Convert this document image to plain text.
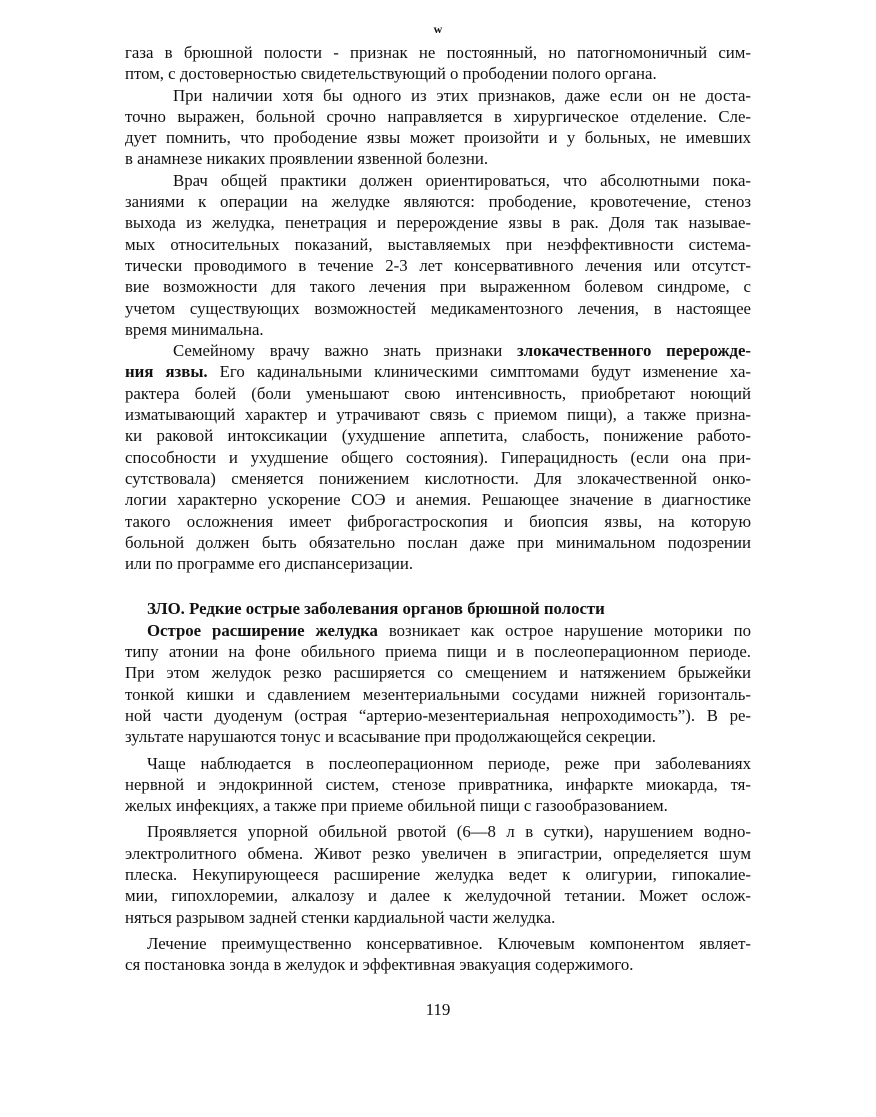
w
газа в брюшной полости - признак не постоянный, но патогномоничный сим-
птом, с достоверностью свидетельствующий о прободении полого органа.
При наличии хотя бы одного из этих признаков, даже если он не доста-
точно выражен, больной срочно направляется в хирургическое отделение. Сле-
дует помнить, что прободение язвы может произойти и у больных, не имевших
в анамнезе никаких проявлении язвенной болезни.
Врач общей практики должен ориентироваться, что абсолютными пока-
заниями к операции на желудке являются: прободение, кровотечение, стеноз
выхода из желудка, пенетрация и перерождение язвы в рак. Доля так называе-
мых относительных показаний, выставляемых при неэффективности системa-
тически проводимого в течение 2-3 лет консервативного лечения или отсутст-
вие возможности для такого лечения при выраженном болевом синдроме, с
учетом существующих возможностей медикаментозного лечения, в настоящее
время минимальна.
Семейному врачу важно знать признаки злокачественного перерожде-
ния язвы. Его кадинальными клиническими симптомами будут изменение ха-
рактера болей (боли уменьшают свою интенсивность, приобретают ноющий
изматывающий характер и утрачивают связь с приемом пищи), а также призна-
ки раковой интоксикации (ухудшение аппетита, слабость, понижение работо-
способности и ухудшение общего состояния). Гиперацидность (если она при-
сутствовала) сменяется понижением кислотности. Для злокачественной онко-
логии характерно ускорение СОЭ и анемия. Решающее значение в диагностике
такого осложнения имеет фиброгастроскопия и биопсия язвы, на которую
больной должен быть обязательно послан даже при минимальном подозрении
или по программе его диспансеризации.
ЗЛО. Редкие острые заболевания органов брюшной полости
Острое расширение желудка возникает как острое нарушение моторики по
типу атонии на фоне обильного приема пищи и в послеоперационном периоде.
При этом желудок резко расширяется со смещением и натяжением брыжейки
тонкой кишки и сдавлением мезентериальными сосудами нижней горизонталь-
ной части дуоденум (острая “артерио-мезентериальная непроходимость”). В ре-
зультате нарушаются тонус и всасывание при продолжающейся секреции.
Чаще наблюдается в послеоперационном периоде, реже при заболеваниях
нервной и эндокринной систем, стенозе привратника, инфаркте миокарда, тя-
желых инфекциях, а также при приеме обильной пищи с газообразованием.
Проявляется упорной обильной рвотой (6—8 л в сутки), нарушением водно-
электролитного обмена. Живот резко увеличен в эпигастрии, определяется шум
плеска. Некупирующееся расширение желудка ведет к олигурии, гипокалие-
мии, гипохлоремии, алкалозу и далее к желудочной тетании. Может ослож-
няться разрывом задней стенки кардиальной части желудка.
Лечение преимущественно консервативное. Ключевым компонентом являет-
ся постановка зонда в желудок и эффективная эвакуация содержимого.
119
